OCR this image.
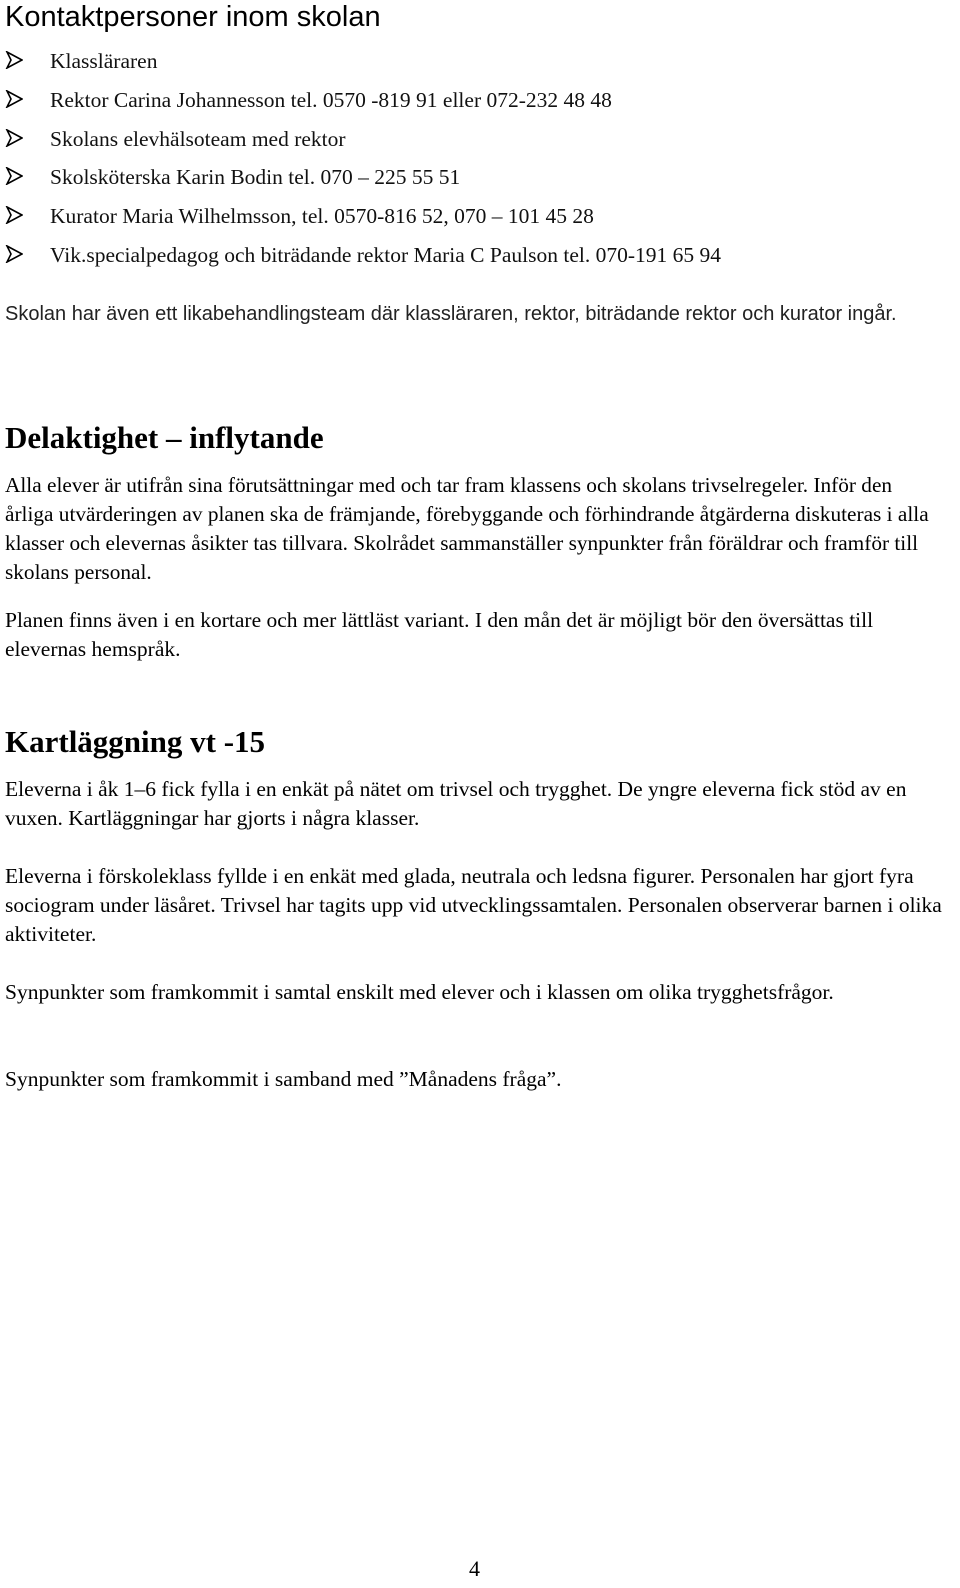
Kontaktpersoner inom skolan
Klassläraren
Rektor Carina Johannesson tel. 0570 -819 91 eller 072-232 48 48
Skolans elevhälsoteam med rektor
Skolsköterska Karin Bodin tel. 070 – 225 55 51
Kurator Maria Wilhelmsson, tel. 0570-816 52, 070 – 101 45 28
Vik.specialpedagog och biträdande rektor Maria C Paulson tel. 070-191 65 94

Skolan har även ett likabehandlingsteam där klassläraren, rektor, biträdande rektor och kurator ingår.

Delaktighet – inflytande

Alla elever är utifrån sina förutsättningar med och tar fram klassens och skolans trivselregeler. Inför den årliga utvärderingen av planen ska de främjande, förebyggande och förhindrande åtgärderna diskuteras i alla klasser och elevernas åsikter tas tillvara. Skolrådet sammanställer synpunkter från föräldrar och framför till skolans personal.

Planen finns även i en kortare och mer lättläst variant. I den mån det är möjligt bör den översättas till elevernas hemspråk.

Kartläggning vt -15

Eleverna i åk 1–6 fick fylla i en enkät på nätet om trivsel och trygghet. De yngre eleverna fick stöd av en vuxen. Kartläggningar har gjorts i några klasser.

Eleverna i förskoleklass fyllde i en enkät med glada, neutrala och ledsna figurer. Personalen har gjort fyra sociogram under läsåret. Trivsel har tagits upp vid utvecklingssamtalen. Personalen observerar barnen i olika aktiviteter.

Synpunkter som framkommit i samtal enskilt med elever och i klassen om olika trygghetsfrågor.

Synpunkter som framkommit i samband med ”Månadens fråga”.

4
